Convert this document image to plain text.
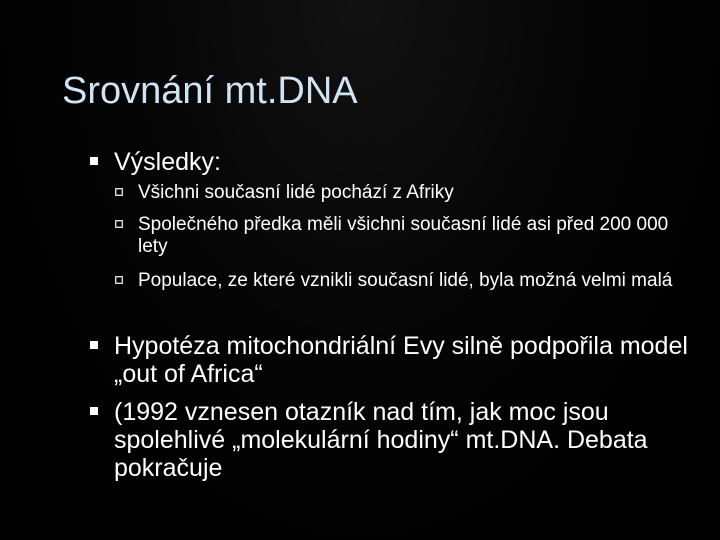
Srovnání mt.DNA
Výsledky:
Všichni současní lidé pochází z Afriky
Společného předka měli všichni současní lidé asi před 200 000 lety
Populace, ze které vznikli současní lidé, byla možná velmi malá
Hypotéza mitochondriální Evy silně podpořila model „out of Africa“
(1992 vznesen otazník nad tím, jak moc jsou spolehlivé „molekulární hodiny“ mt.DNA. Debata pokračuje
